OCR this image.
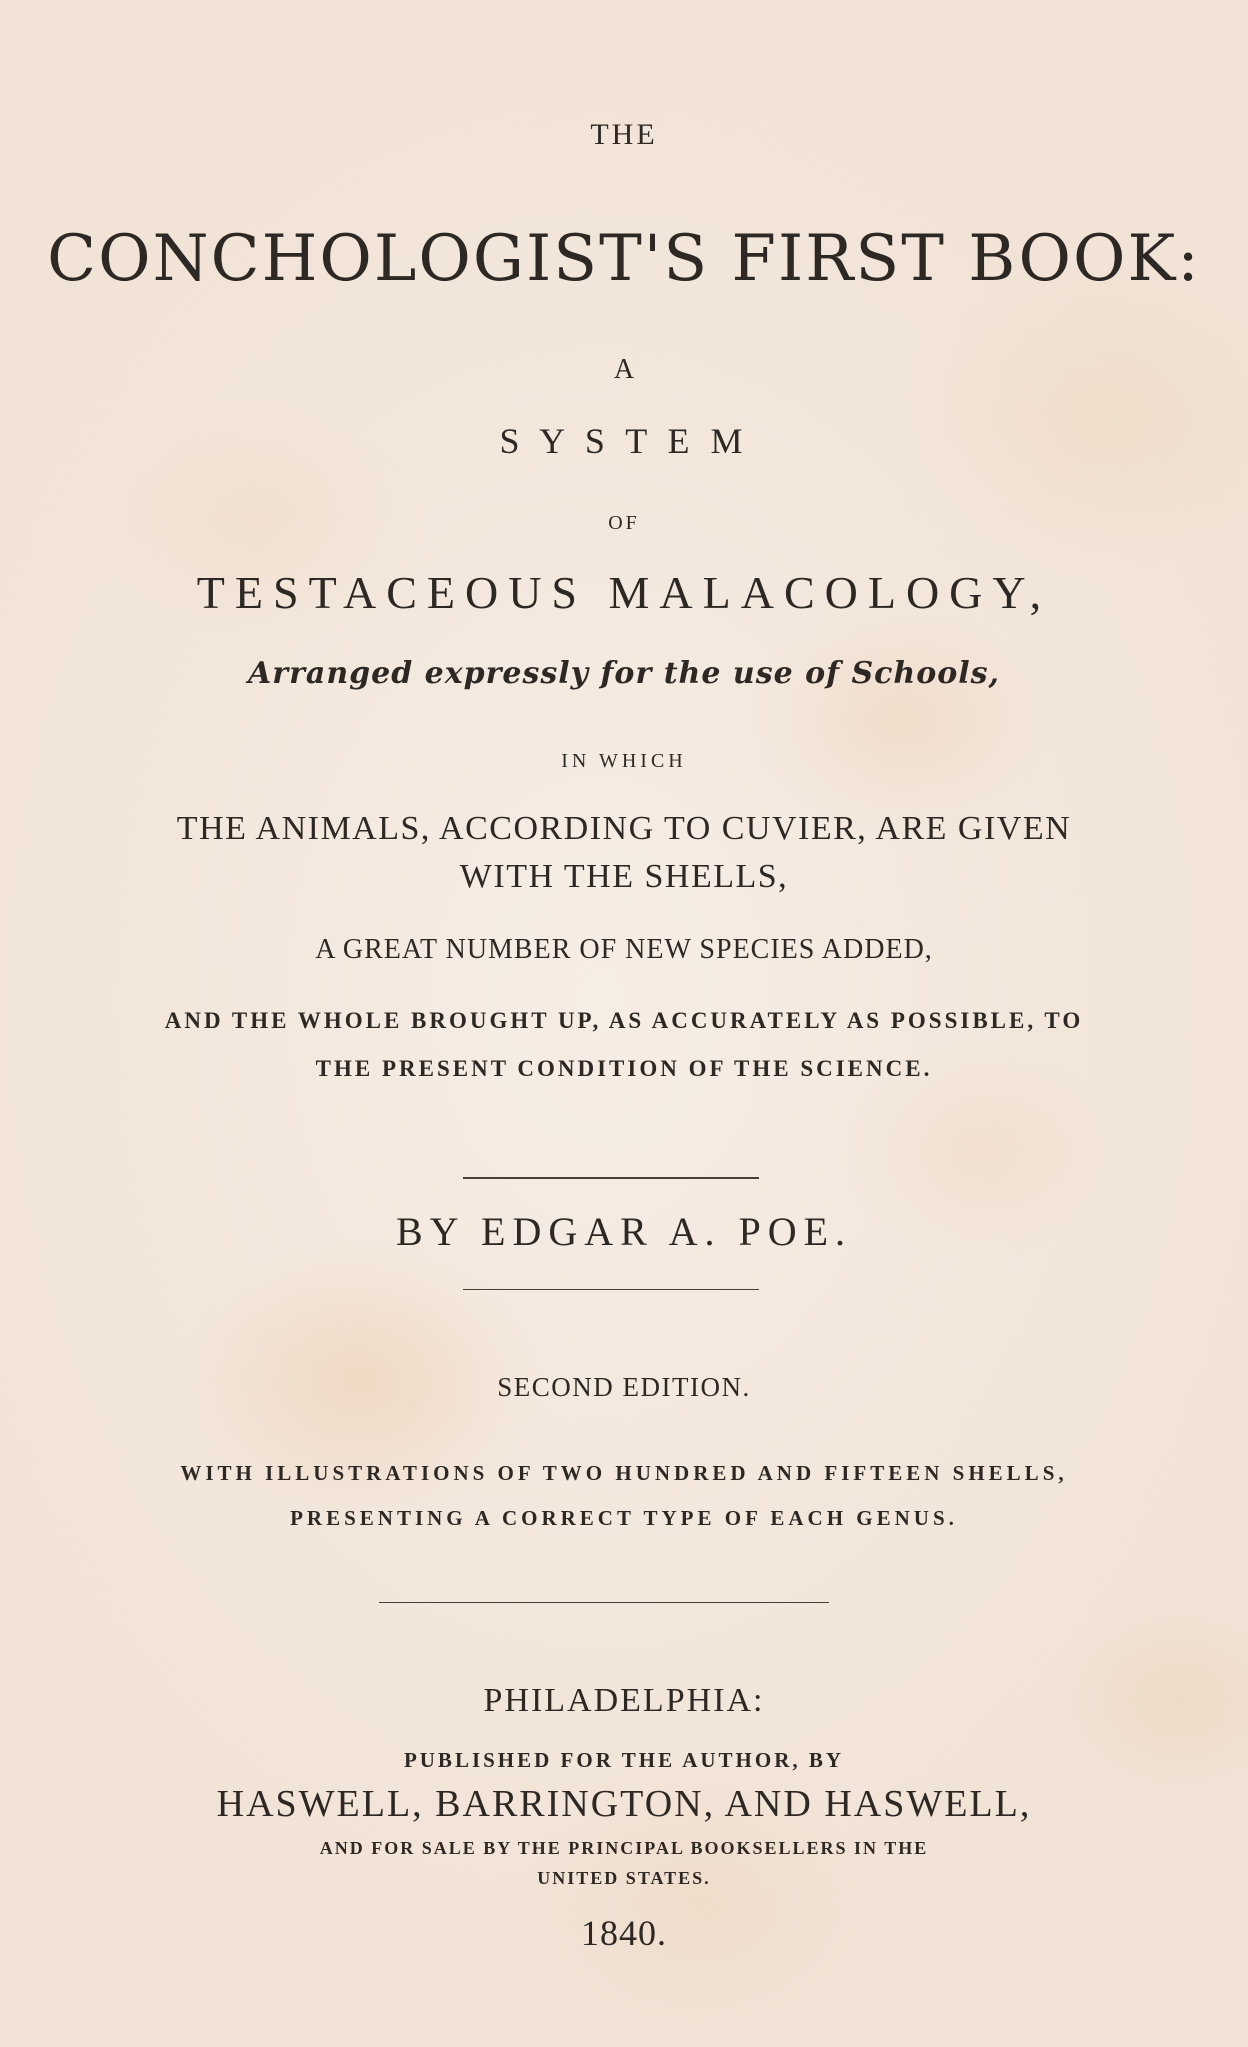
THE

CONCHOLOGIST'S FIRST BOOK:

A

S Y S T E M

OF

TESTACEOUS MALACOLOGY,

Arranged expressly for the use of Schools,

IN WHICH

THE ANIMALS, ACCORDING TO CUVIER, ARE GIVEN

WITH THE SHELLS,

A GREAT NUMBER OF NEW SPECIES ADDED,

AND THE WHOLE BROUGHT UP, AS ACCURATELY AS POSSIBLE, TO

THE PRESENT CONDITION OF THE SCIENCE.

BY EDGAR A. POE.

SECOND EDITION.

WITH ILLUSTRATIONS OF TWO HUNDRED AND FIFTEEN SHELLS,

PRESENTING A CORRECT TYPE OF EACH GENUS.

PHILADELPHIA:

PUBLISHED FOR THE AUTHOR, BY

HASWELL, BARRINGTON, AND HASWELL,

AND FOR SALE BY THE PRINCIPAL BOOKSELLERS IN THE

UNITED STATES.

1840.
